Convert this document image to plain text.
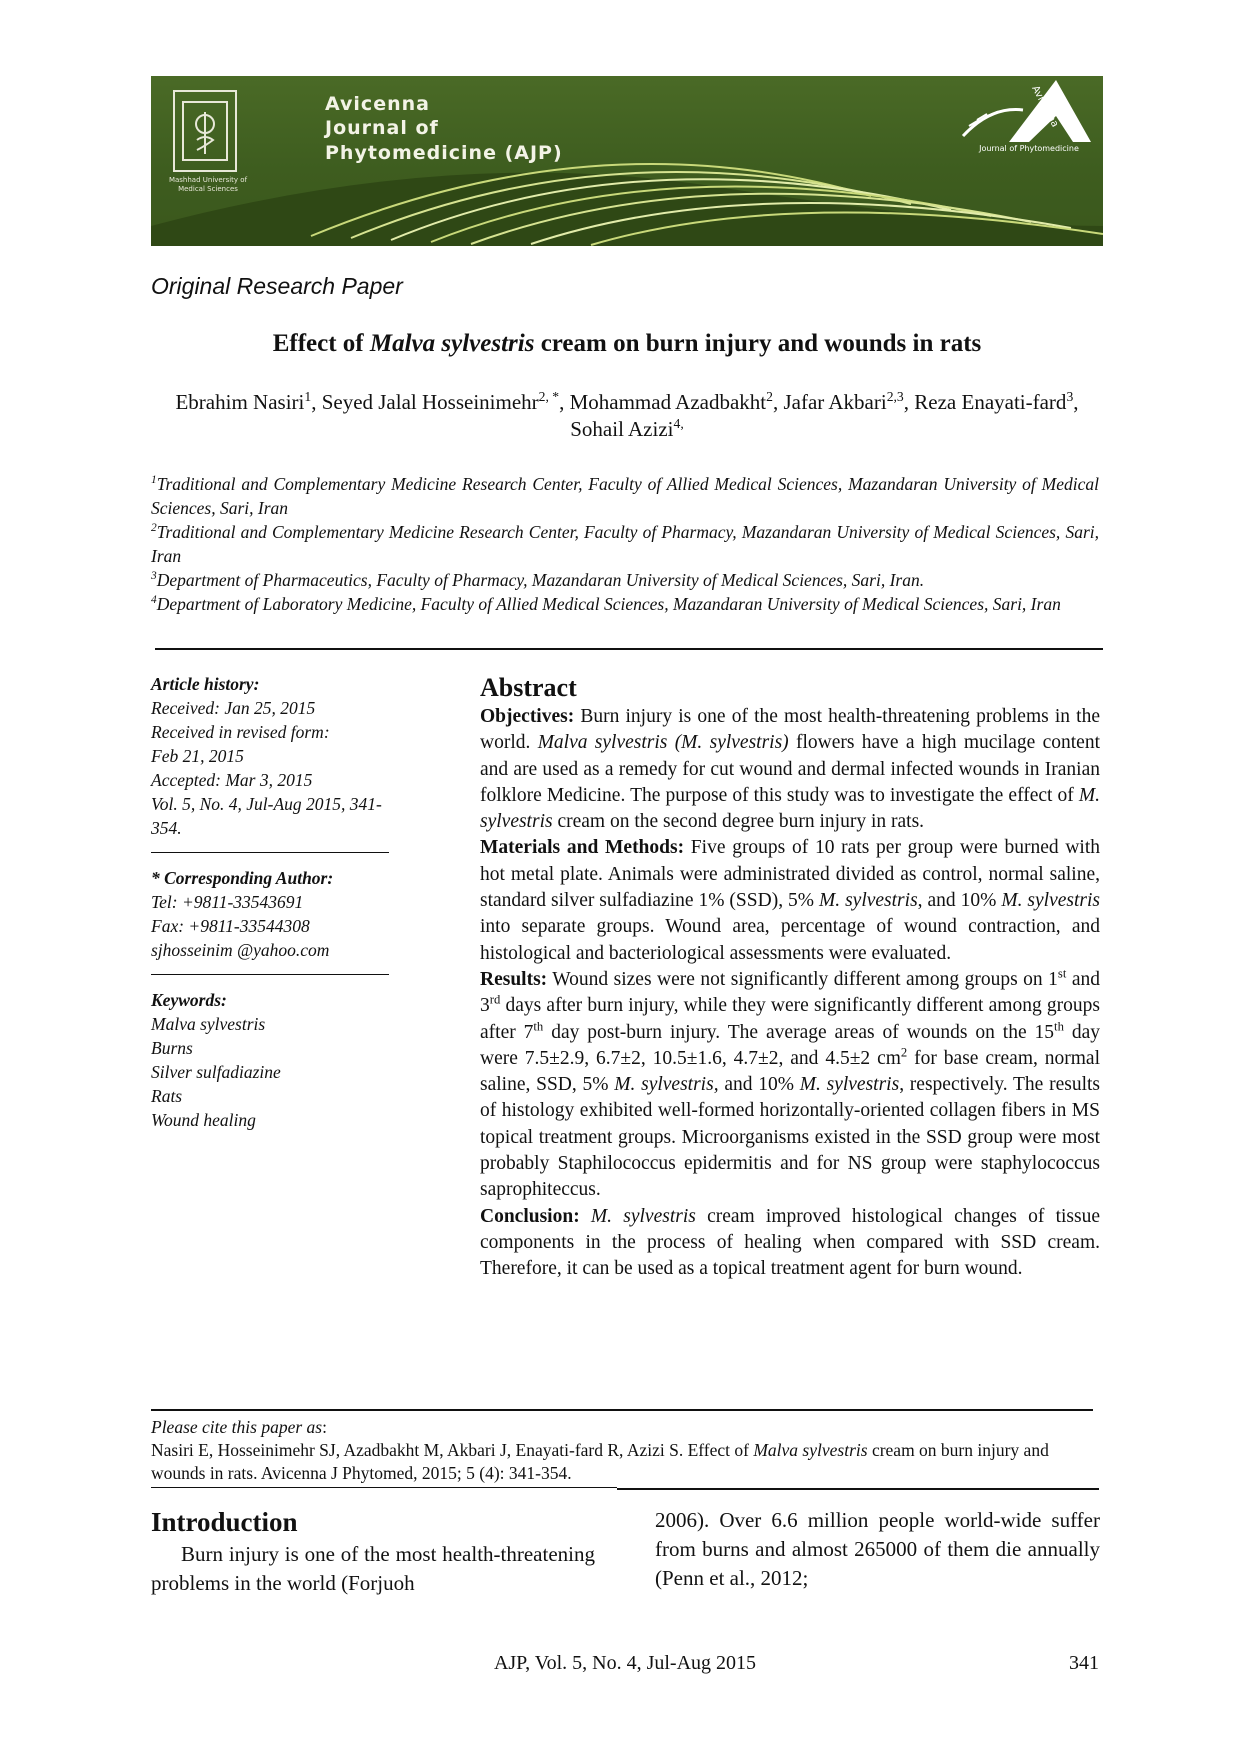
Mashhad University of Medical Sciences
Avicenna
Journal of
Phytomedicine (AJP)
Avicenna
Journal of Phytomedicine
Original Research Paper
Effect of Malva sylvestris cream on burn injury and wounds in rats
Ebrahim Nasiri$^1$, Seyed Jalal Hosseinimehr$^{2, *}$, Mohammad Azadbakht$^2$, Jafar Akbari$^{2,3}$, Reza Enayati-fard$^3$, Sohail Azizi$^{4,}$
$^1$Traditional and Complementary Medicine Research Center, Faculty of Allied Medical Sciences, Mazandaran University of Medical Sciences, Sari, Iran
$^2$Traditional and Complementary Medicine Research Center, Faculty of Pharmacy, Mazandaran University of Medical Sciences, Sari, Iran
$^3$Department of Pharmaceutics, Faculty of Pharmacy, Mazandaran University of Medical Sciences, Sari, Iran.
$^4$Department of Laboratory Medicine, Faculty of Allied Medical Sciences, Mazandaran University of Medical Sciences, Sari, Iran
Article history:
Received: Jan 25, 2015
Received in revised form:
Feb 21, 2015
Accepted: Mar 3, 2015
Vol. 5, No. 4, Jul-Aug 2015, 341-
354.
* Corresponding Author:
Tel: +9811-33543691
Fax: +9811-33544308
sjhosseinim @yahoo.com
Keywords:
Malva sylvestris
Burns
Silver sulfadiazine
Rats
Wound healing
Abstract

Objectives: Burn injury is one of the most health-threatening problems in the world. Malva sylvestris (M. sylvestris) flowers have a high mucilage content and are used as a remedy for cut wound and dermal infected wounds in Iranian folklore Medicine. The purpose of this study was to investigate the effect of M. sylvestris cream on the second degree burn injury in rats.

Materials and Methods: Five groups of 10 rats per group were burned with hot metal plate. Animals were administrated divided as control, normal saline, standard silver sulfadiazine 1% (SSD), 5% M. sylvestris, and 10% M. sylvestris into separate groups. Wound area, percentage of wound contraction, and histological and bacteriological assessments were evaluated.

Results: Wound sizes were not significantly different among groups on 1st and 3rd days after burn injury, while they were significantly different among groups after 7th day post-burn injury. The average areas of wounds on the 15th day were 7.5±2.9, 6.7±2, 10.5±1.6, 4.7±2, and 4.5±2 $cm^2$ for base cream, normal saline, SSD, 5% M. sylvestris, and 10% M. sylvestris, respectively. The results of histology exhibited well-formed horizontally-oriented collagen fibers in MS topical treatment groups. Microorganisms existed in the SSD group were most probably Staphilococcus epidermitis and for NS group were staphylococcus saprophiteccus.

Conclusion: M. sylvestris cream improved histological changes of tissue components in the process of healing when compared with SSD cream. Therefore, it can be used as a topical treatment agent for burn wound.

Please cite this paper as:
Nasiri E, Hosseinimehr SJ, Azadbakht M, Akbari J, Enayati-fard R, Azizi S. Effect of Malva sylvestris cream on burn injury and wounds in rats. Avicenna J Phytomed, 2015; 5 (4): 341-354.
Introduction
Burn injury is one of the most health-threatening problems in the world (Forjuoh
2006). Over 6.6 million people world-wide suffer from burns and almost 265000 of them die annually (Penn et al., 2012;
AJP, Vol. 5, No. 4, Jul-Aug 2015	341
